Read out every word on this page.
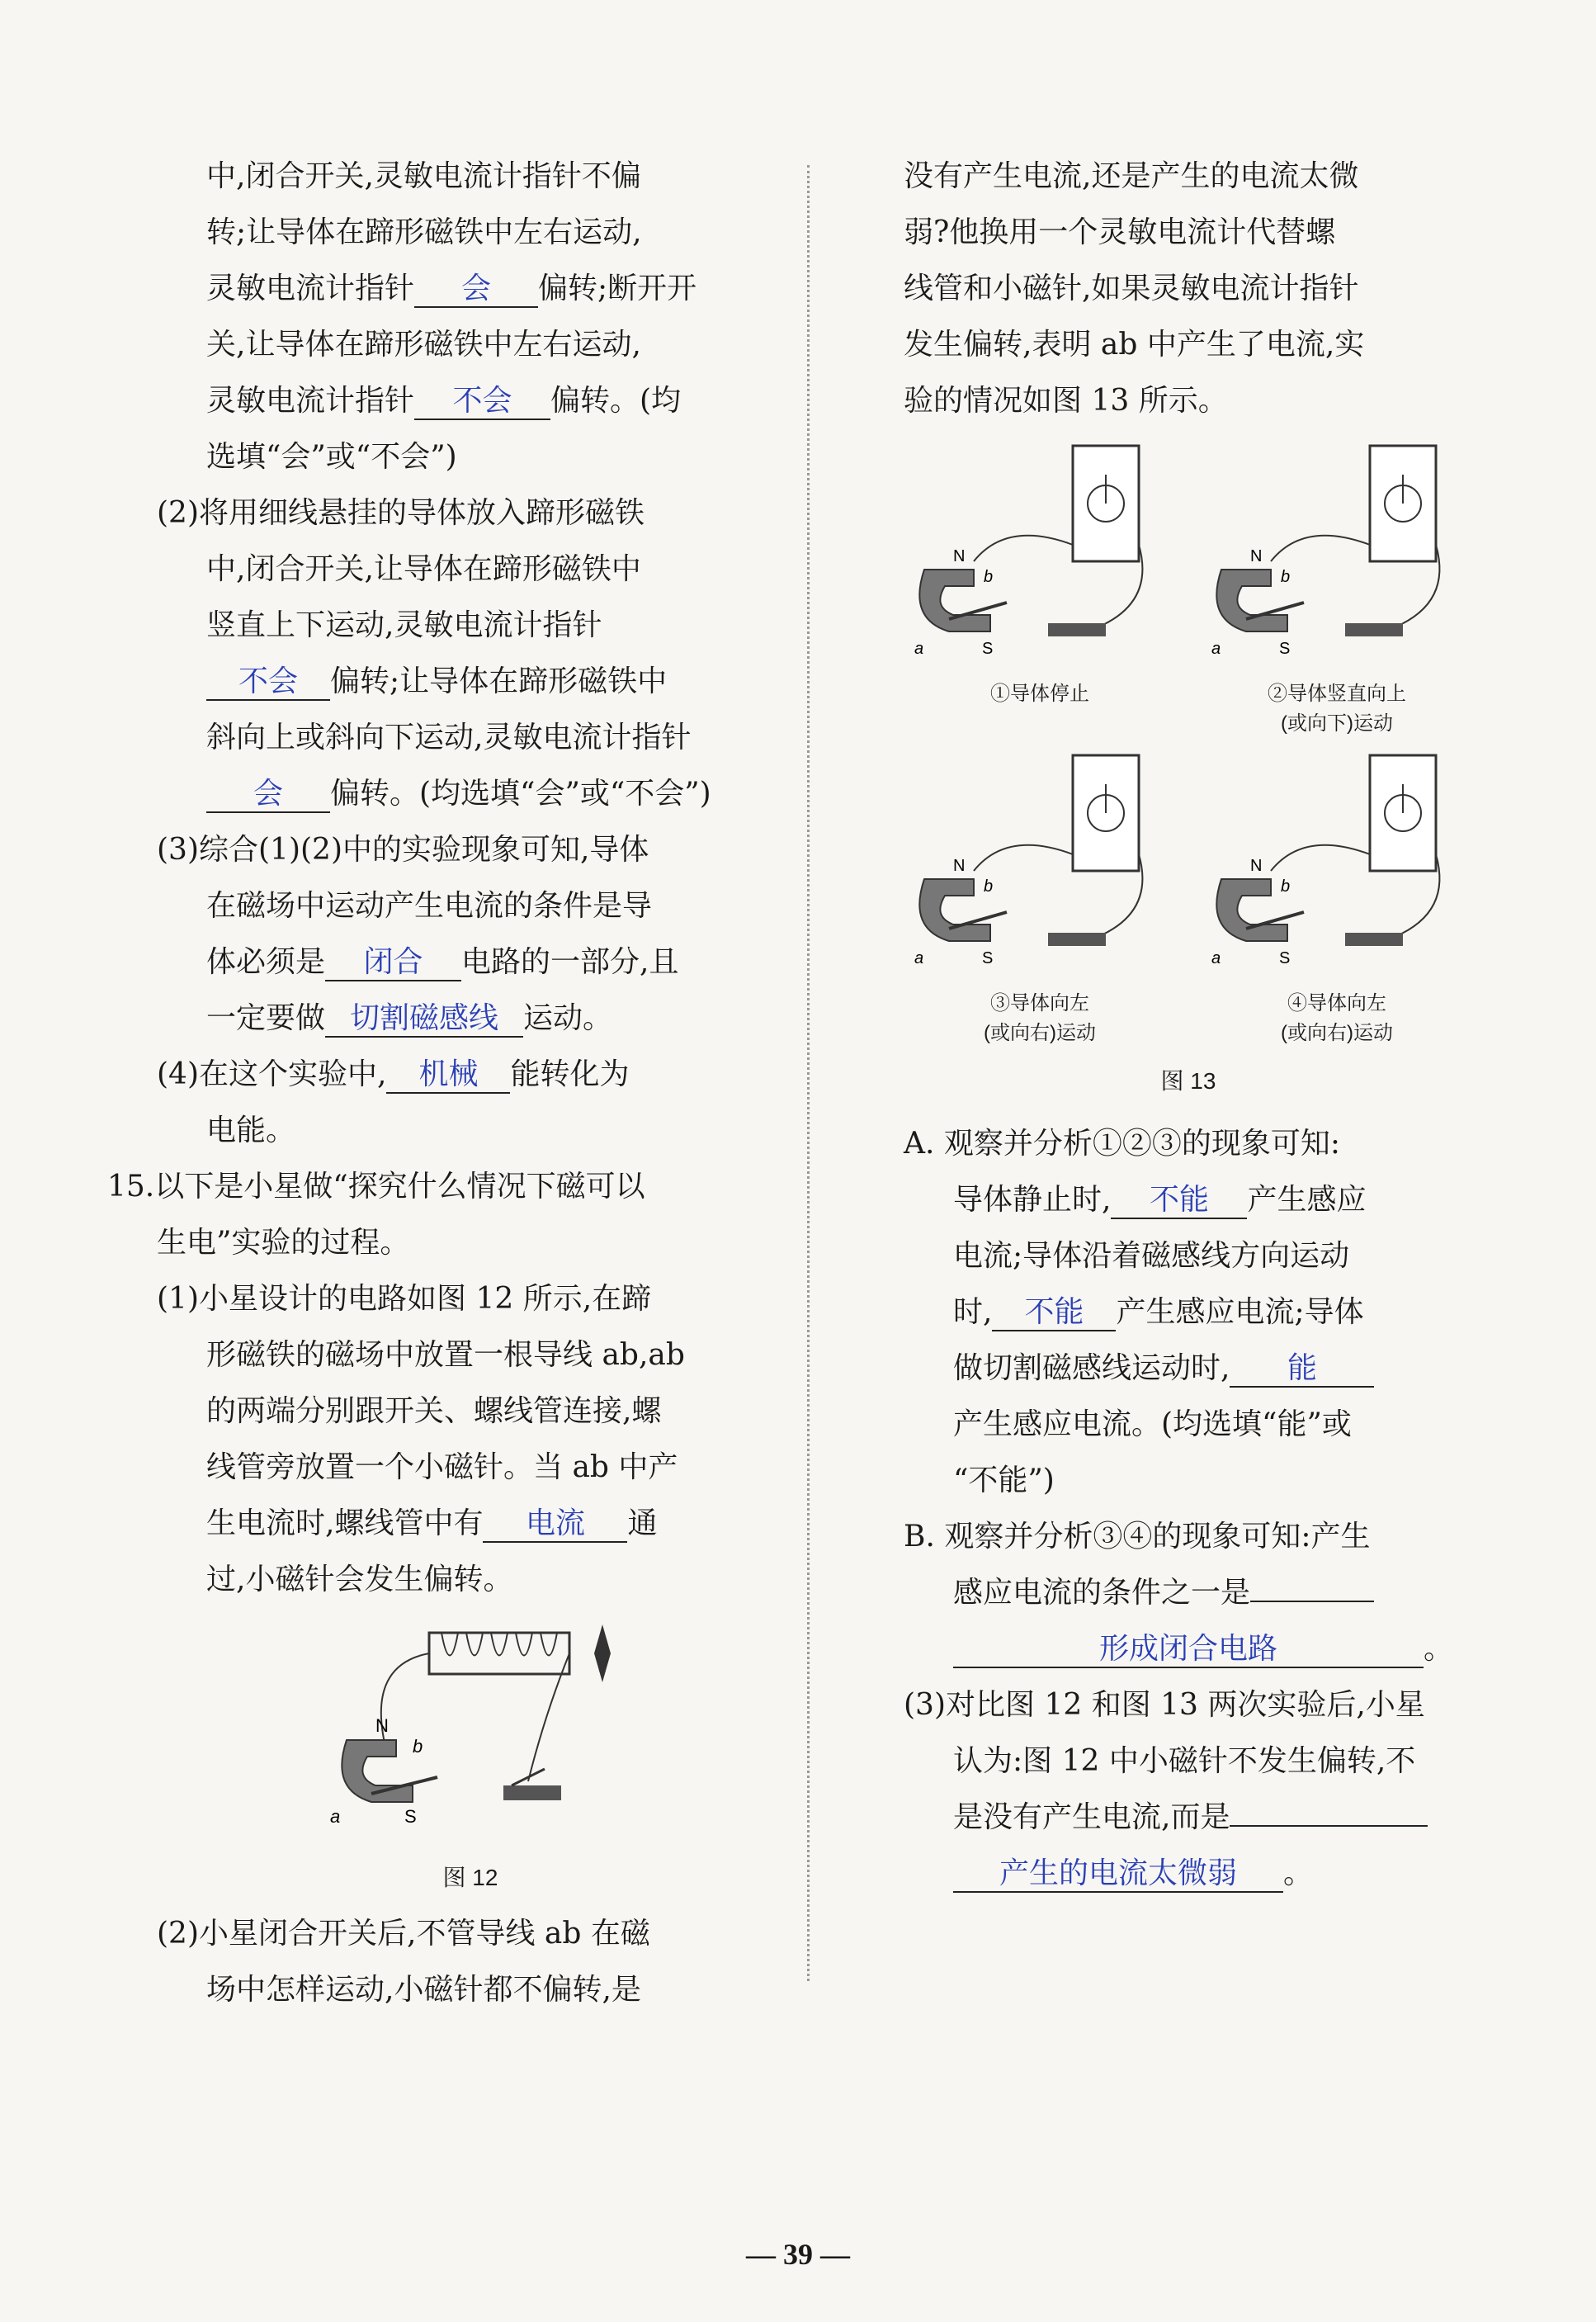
中,闭合开关,灵敏电流计指针不偏
转;让导体在蹄形磁铁中左右运动,
灵敏电流计指针 会 偏转;断开开
关,让导体在蹄形磁铁中左右运动,
灵敏电流计指针 不会 偏转。(均
选填“会”或“不会”)
(2)将用细线悬挂的导体放入蹄形磁铁
中,闭合开关,让导体在蹄形磁铁中
竖直上下运动,灵敏电流计指针
不会 偏转;让导体在蹄形磁铁中
斜向上或斜向下运动,灵敏电流计指针
会 偏转。(均选填“会”或“不会”)
(3)综合(1)(2)中的实验现象可知,导体
在磁场中运动产生电流的条件是导
体必须是 闭合 电路的一部分,且
一定要做 切割磁感线 运动。
(4)在这个实验中, 机械 能转化为
电能。
15.以下是小星做“探究什么情况下磁可以
生电”实验的过程。
(1)小星设计的电路如图 12 所示,在蹄
形磁铁的磁场中放置一根导线 ab,ab
的两端分别跟开关、螺线管连接,螺
线管旁放置一个小磁针。当 ab 中产
生电流时,螺线管中有 电流 通
过,小磁针会发生偏转。
N
b
a	S
图 12
(2)小星闭合开关后,不管导线 ab 在磁
场中怎样运动,小磁针都不偏转,是
没有产生电流,还是产生的电流太微
弱?他换用一个灵敏电流计代替螺
线管和小磁针,如果灵敏电流计指针
发生偏转,表明 ab 中产生了电流,实
验的情况如图 13 所示。
N
b
a	S
①导体停止
N
b
a	S
②导体竖直向上
(或向下)运动
N
b
a	S
③导体向左
(或向右)运动
N
b
a	S
④导体向左
(或向右)运动
图 13
A. 观察并分析①②③的现象可知:
导体静止时, 不能 产生感应
电流;导体沿着磁感线方向运动
时, 不能 产生感应电流;导体
做切割磁感线运动时, 能
产生感应电流。(均选填“能”或
“不能”)
B. 观察并分析③④的现象可知:产生
感应电流的条件之一是
形成闭合电路	。
(3)对比图 12 和图 13 两次实验后,小星
认为:图 12 中小磁针不发生偏转,不
是没有产生电流,而是
产生的电流太微弱 。
— 39 —
